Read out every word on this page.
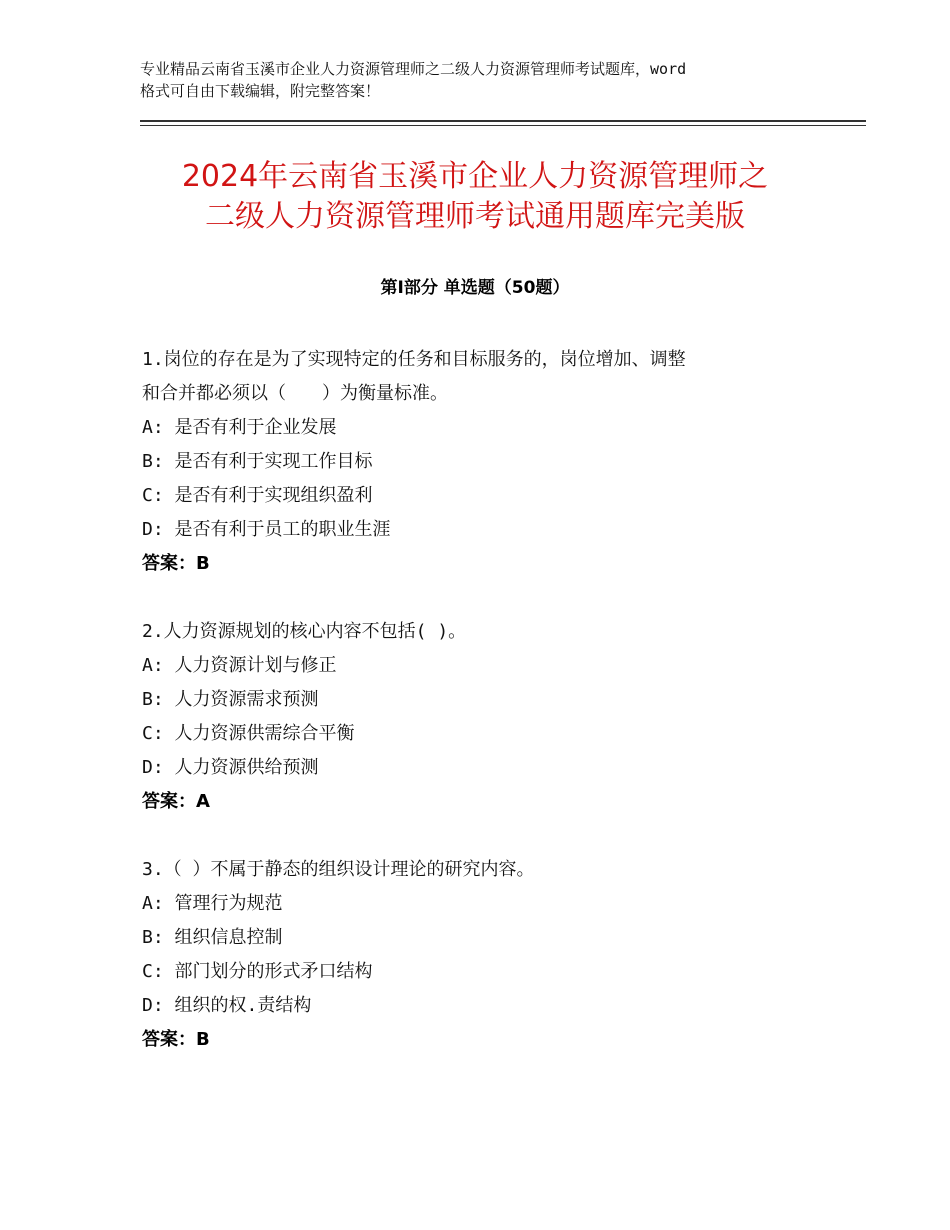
专业精品云南省玉溪市企业人力资源管理师之二级人力资源管理师考试题库，word
格式可自由下载编辑，附完整答案！
2024年云南省玉溪市企业人力资源管理师之
二级人力资源管理师考试通用题库完美版
第Ⅰ部分 单选题（50题）
1.岗位的存在是为了实现特定的任务和目标服务的，岗位增加、调整
和合并都必须以（　　）为衡量标准。
A: 是否有利于企业发展
B: 是否有利于实现工作目标
C: 是否有利于实现组织盈利
D: 是否有利于员工的职业生涯
答案：B
2.人力资源规划的核心内容不包括( )。
A: 人力资源计划与修正
B: 人力资源需求预测
C: 人力资源供需综合平衡
D: 人力资源供给预测
答案：A
3.（ ）不属于静态的组织设计理论的研究内容。
A: 管理行为规范
B: 组织信息控制
C: 部门划分的形式矛口结构
D: 组织的权.责结构
答案：B
